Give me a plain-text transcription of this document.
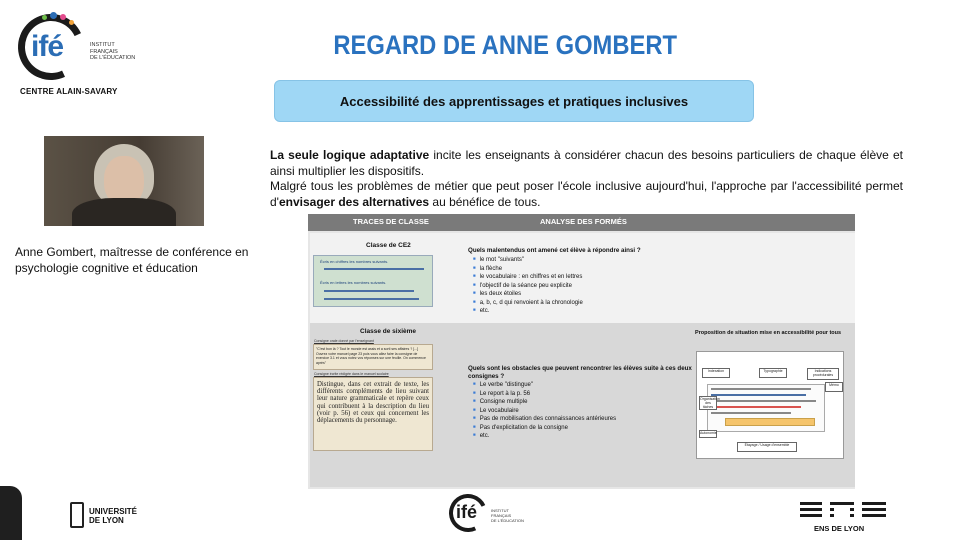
ifé	INSTITUT
FRANÇAIS
DE L'ÉDUCATION
CENTRE ALAIN-SAVARY
REGARD DE ANNE GOMBERT
Accessibilité des apprentissages et pratiques inclusives
Anne Gombert, maîtresse de conférence en psychologie cognitive et éducation
La seule logique adaptative incite les enseignants à considérer chacun des besoins particuliers de chaque élève et ainsi multiplier les dispositifs.
Malgré tous les problèmes de métier que peut poser l'école inclusive aujourd'hui, l'approche par l'accessibilité permet d'envisager des alternatives au bénéfice de tous.
TRACES DE CLASSE	ANALYSE DES FORMÉS
Classe de CE2
Écris en chiffres les nombres suivants.
Écris en lettres les nombres suivants.
Quels malentendus ont amené cet élève à répondre ainsi ?
■ le mot "suivants"
■ la flèche
■ le vocabulaire : en chiffres et en lettres
■ l'objectif de la séance peu explicite
■ les deux étoiles
■ a, b, c, d qui renvoient à la chronologie
■ etc.
Classe de sixième
Consigne orale donné par l'enseignant
"C'est bon là ? Tout le monde est assis et a sorti ses affaires ? [...] Ouvrez votre manuel page 23 puis vous allez faire la consigne de exercice 3.1 et vous notez vos réponses sur une feuille. On commence après"
Consigne écrite rédigée dans le manuel scolaire
Distingue, dans cet extrait de texte, les différents compléments de lieu suivant leur nature grammaticale et repère ceux qui contribuent à la description du lieu (voir p. 56) et ceux qui concernent les déplacements du personnage.
Quels sont les obstacles que peuvent rencontrer les élèves suite à ces deux consignes ?
■ Le verbe "distingue"
■ Le report à la p. 56
■ Consigne multiple
■ Le vocabulaire
■ Pas de mobilisation des connaissances antérieures
■ Pas d'explicitation de la consigne
■ etc.
Proposition de situation mise en accessibilité pour tous
Indexation	Typographie	Indications procédurales
Organisation des tâches
Mémo
Autonomie
Étayage / Usage d'ensemble
UNIVERSITÉ
DE LYON	ifé	INSTITUT
FRANÇAIS
DE L'ÉDUCATION
ENS DE LYON
